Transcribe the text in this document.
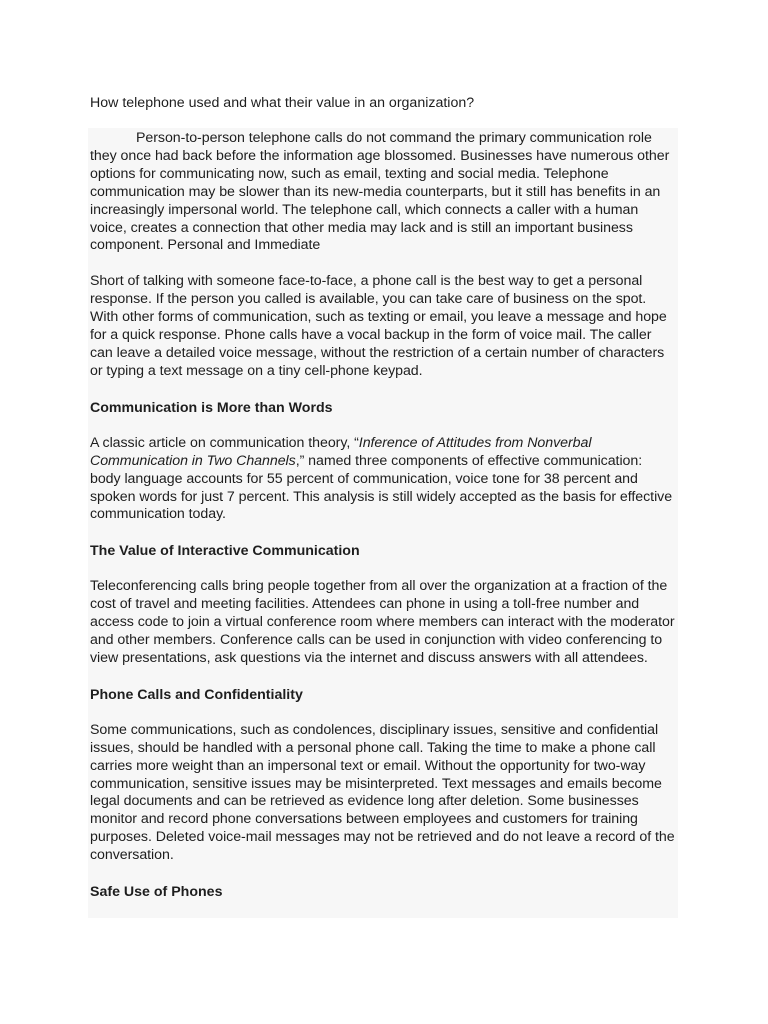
How telephone used and what their value in an organization?

Person-to-person telephone calls do not command the primary communication role they once had back before the information age blossomed. Businesses have numerous other options for communicating now, such as email, texting and social media. Telephone communication may be slower than its new-media counterparts, but it still has benefits in an increasingly impersonal world. The telephone call, which connects a caller with a human voice, creates a connection that other media may lack and is still an important business component. Personal and Immediate

Short of talking with someone face-to-face, a phone call is the best way to get a personal response. If the person you called is available, you can take care of business on the spot. With other forms of communication, such as texting or email, you leave a message and hope for a quick response. Phone calls have a vocal backup in the form of voice mail. The caller can leave a detailed voice message, without the restriction of a certain number of characters or typing a text message on a tiny cell-phone keypad.

Communication is More than Words

A classic article on communication theory, “Inference of Attitudes from Nonverbal Communication in Two Channels,” named three components of effective communication: body language accounts for 55 percent of communication, voice tone for 38 percent and spoken words for just 7 percent. This analysis is still widely accepted as the basis for effective communication today.

The Value of Interactive Communication

Teleconferencing calls bring people together from all over the organization at a fraction of the cost of travel and meeting facilities. Attendees can phone in using a toll-free number and access code to join a virtual conference room where members can interact with the moderator and other members. Conference calls can be used in conjunction with video conferencing to view presentations, ask questions via the internet and discuss answers with all attendees.

Phone Calls and Confidentiality

Some communications, such as condolences, disciplinary issues, sensitive and confidential issues, should be handled with a personal phone call. Taking the time to make a phone call carries more weight than an impersonal text or email. Without the opportunity for two-way communication, sensitive issues may be misinterpreted. Text messages and emails become legal documents and can be retrieved as evidence long after deletion. Some businesses monitor and record phone conversations between employees and customers for training purposes. Deleted voice-mail messages may not be retrieved and do not leave a record of the conversation.

Safe Use of Phones
